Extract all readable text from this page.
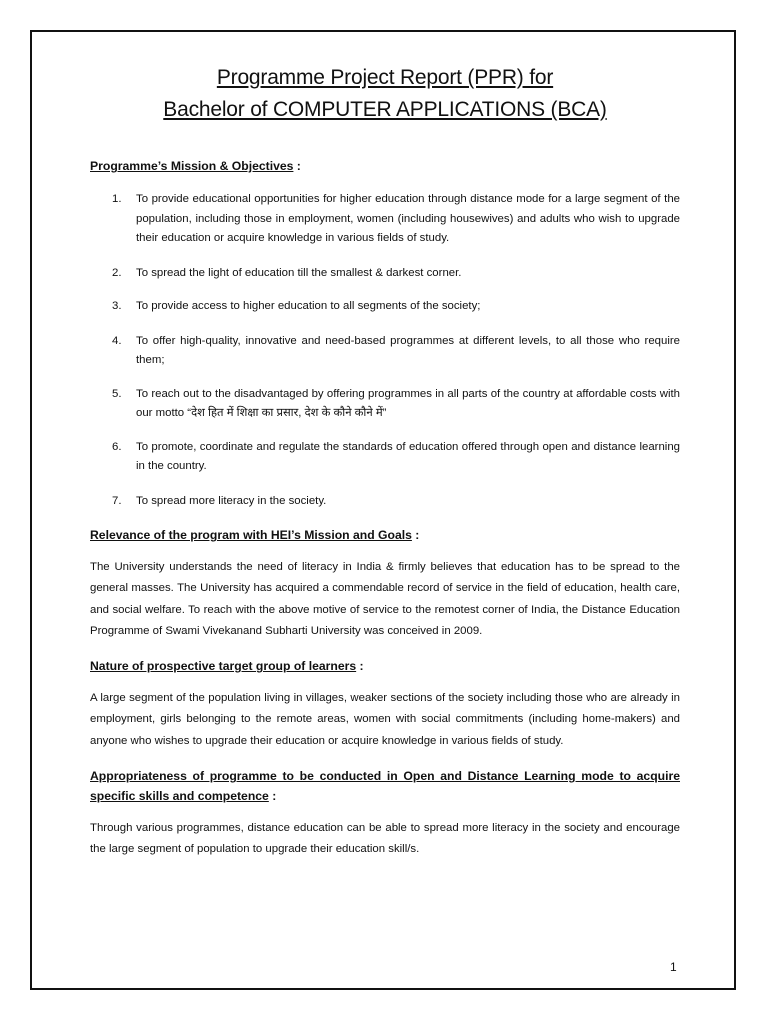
Programme Project Report (PPR) for
Bachelor of COMPUTER APPLICATIONS (BCA)

Programme’s Mission & Objectives :

1. To provide educational opportunities for higher education through distance mode for a large segment of the population, including those in employment, women (including housewives) and adults who wish to upgrade their education or acquire knowledge in various fields of study.
2. To spread the light of education till the smallest & darkest corner.
3. To provide access to higher education to all segments of the society;
4. To offer high-quality, innovative and need-based programmes at different levels, to all those who require them;
5. To reach out to the disadvantaged by offering programmes in all parts of the country at affordable costs with our motto “देश हित में शिक्षा का प्रसार, देश के कौने कौने में”
6. To promote, coordinate and regulate the standards of education offered through open and distance learning in the country.
7. To spread more literacy in the society.

Relevance of the program with HEI’s Mission and Goals :

The University understands the need of literacy in India & firmly believes that education has to be spread to the general masses. The University has acquired a commendable record of service in the field of education, health care, and social welfare. To reach with the above motive of service to the remotest corner of India, the Distance Education Programme of Swami Vivekanand Subharti University was conceived in 2009.

Nature of prospective target group of learners :

A large segment of the population living in villages, weaker sections of the society including those who are already in employment, girls belonging to the remote areas, women with social commitments (including home-makers) and anyone who wishes to upgrade their education or acquire knowledge in various fields of study.

Appropriateness of programme to be conducted in Open and Distance Learning mode to acquire specific skills and competence :

Through various programmes, distance education can be able to spread more literacy in the society and encourage the large segment of population to upgrade their education skill/s.

1
